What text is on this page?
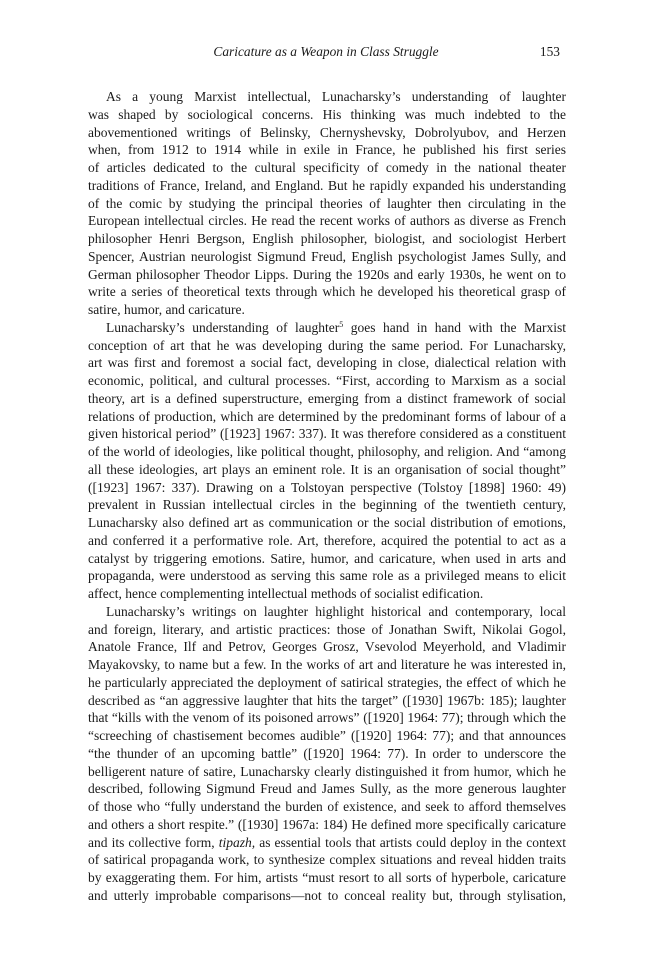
Caricature as a Weapon in Class Struggle	153
As a young Marxist intellectual, Lunacharsky’s understanding of laughter
was shaped by sociological concerns. His thinking was much indebted to the
abovementioned writings of Belinsky, Chernyshevsky, Dobrolyubov, and Herzen
when, from 1912 to 1914 while in exile in France, he published his first series
of articles dedicated to the cultural specificity of comedy in the national theater
traditions of France, Ireland, and England. But he rapidly expanded his understanding
of the comic by studying the principal theories of laughter then circulating in the
European intellectual circles. He read the recent works of authors as diverse as French
philosopher Henri Bergson, English philosopher, biologist, and sociologist Herbert
Spencer, Austrian neurologist Sigmund Freud, English psychologist James Sully, and
German philosopher Theodor Lipps. During the 1920s and early 1930s, he went on to
write a series of theoretical texts through which he developed his theoretical grasp of
satire, humor, and caricature.
Lunacharsky’s understanding of laughter$^5$ goes hand in hand with the Marxist
conception of art that he was developing during the same period. For Lunacharsky,
art was first and foremost a social fact, developing in close, dialectical relation with
economic, political, and cultural processes. “First, according to Marxism as a social
theory, art is a defined superstructure, emerging from a distinct framework of social
relations of production, which are determined by the predominant forms of labour of a
given historical period” ([1923] 1967: 337). It was therefore considered as a constituent
of the world of ideologies, like political thought, philosophy, and religion. And “among
all these ideologies, art plays an eminent role. It is an organisation of social thought”
([1923] 1967: 337). Drawing on a Tolstoyan perspective (Tolstoy [1898] 1960: 49)
prevalent in Russian intellectual circles in the beginning of the twentieth century,
Lunacharsky also defined art as communication or the social distribution of emotions,
and conferred it a performative role. Art, therefore, acquired the potential to act as a
catalyst by triggering emotions. Satire, humor, and caricature, when used in arts and
propaganda, were understood as serving this same role as a privileged means to elicit
affect, hence complementing intellectual methods of socialist edification.
Lunacharsky’s writings on laughter highlight historical and contemporary, local
and foreign, literary, and artistic practices: those of Jonathan Swift, Nikolai Gogol,
Anatole France, Ilf and Petrov, Georges Grosz, Vsevolod Meyerhold, and Vladimir
Mayakovsky, to name but a few. In the works of art and literature he was interested in,
he particularly appreciated the deployment of satirical strategies, the effect of which he
described as “an aggressive laughter that hits the target” ([1930] 1967b: 185); laughter
that “kills with the venom of its poisoned arrows” ([1920] 1964: 77); through which the
“screeching of chastisement becomes audible” ([1920] 1964: 77); and that announces
“the thunder of an upcoming battle” ([1920] 1964: 77). In order to underscore the
belligerent nature of satire, Lunacharsky clearly distinguished it from humor, which he
described, following Sigmund Freud and James Sully, as the more generous laughter
of those who “fully understand the burden of existence, and seek to afford themselves
and others a short respite.” ([1930] 1967a: 184) He defined more specifically caricature
and its collective form, tipazh, as essential tools that artists could deploy in the context
of satirical propaganda work, to synthesize complex situations and reveal hidden traits
by exaggerating them. For him, artists “must resort to all sorts of hyperbole, caricature
and utterly improbable comparisons—not to conceal reality but, through stylisation,
